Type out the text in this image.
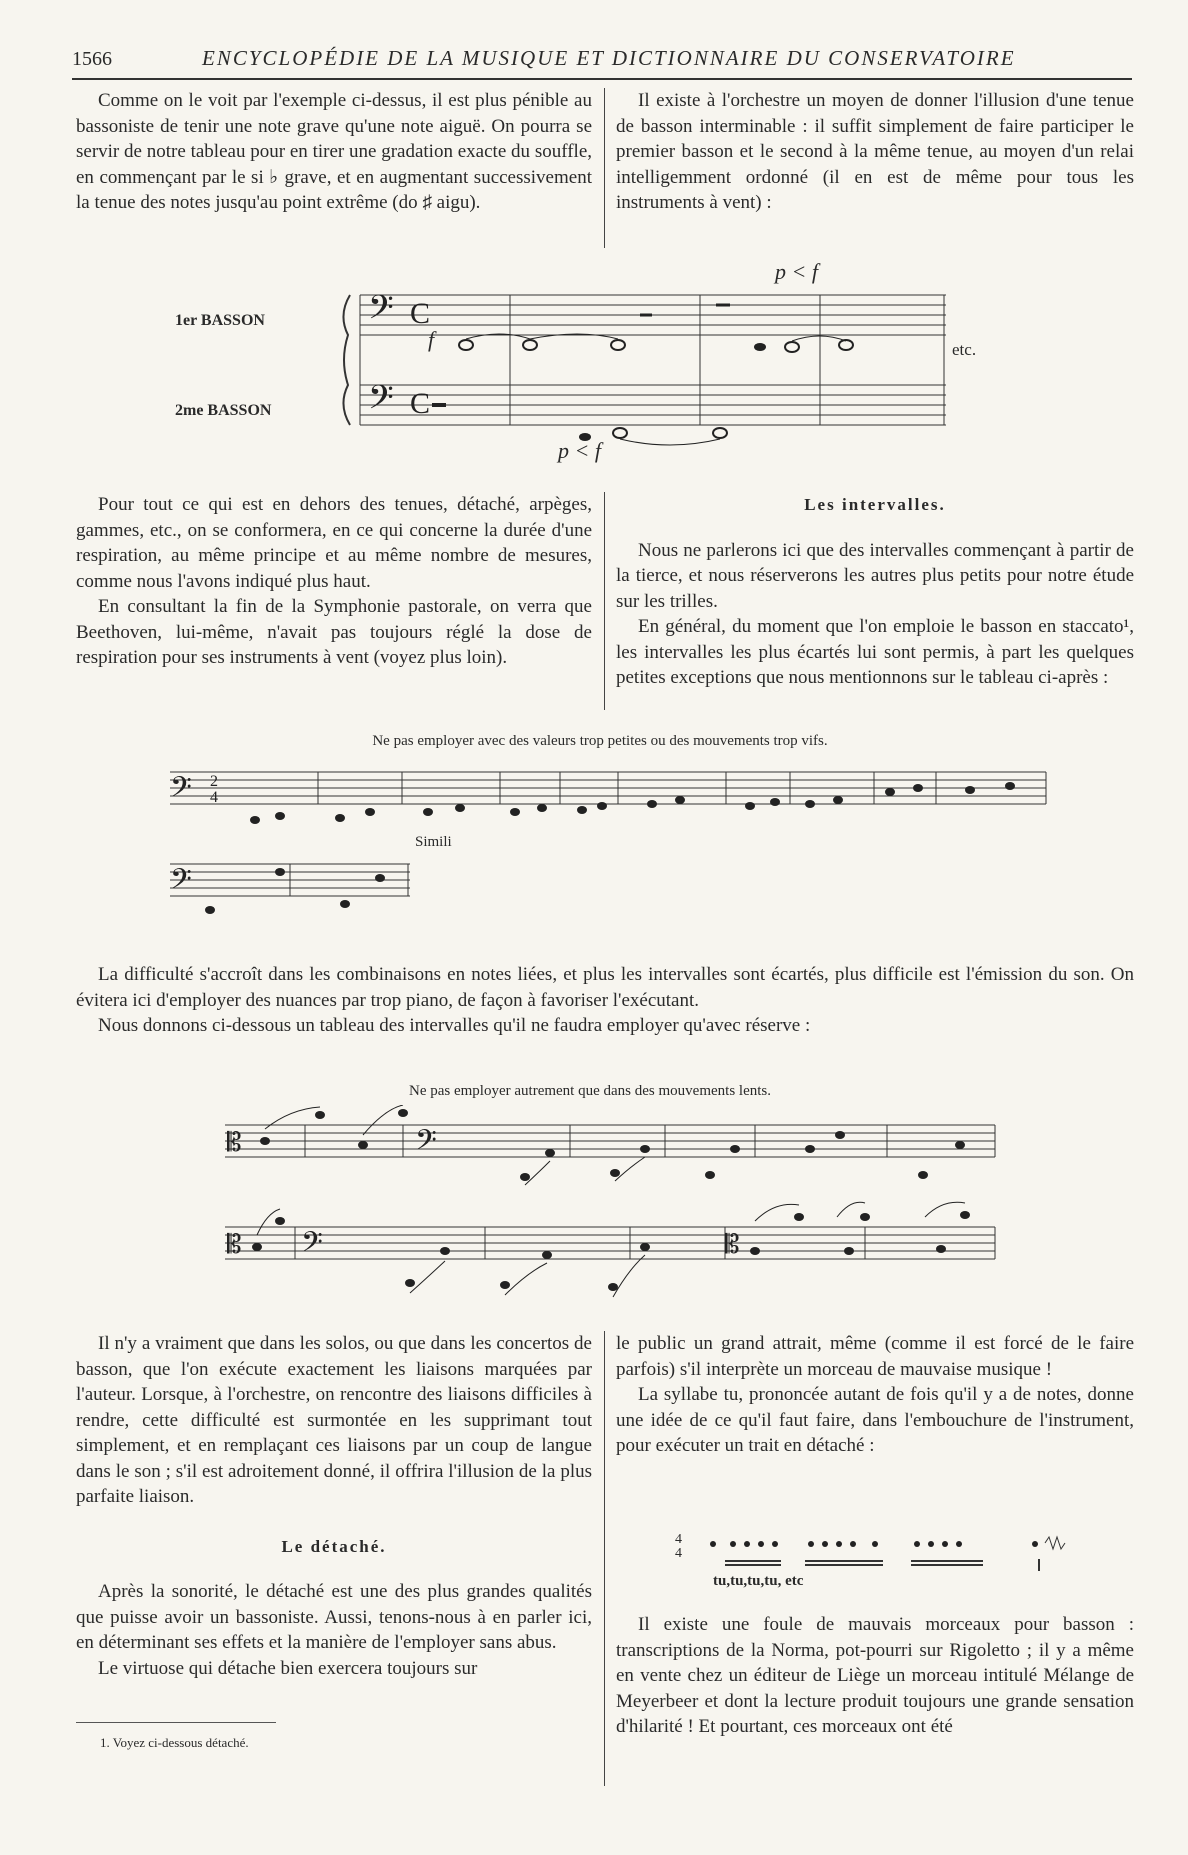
1566	ENCYCLOPÉDIE DE LA MUSIQUE ET DICTIONNAIRE DU CONSERVATOIRE

Comme on le voit par l'exemple ci-dessus, il est plus pénible au bassoniste de tenir une note grave qu'une note aiguë. On pourra se servir de notre tableau pour en tirer une gradation exacte du souffle, en commençant par le si ♭ grave, et en augmentant successivement la tenue des notes jusqu'au point extrême (do ♯ aigu).

Il existe à l'orchestre un moyen de donner l'illusion d'une tenue de basson interminable : il suffit simplement de faire participer le premier basson et le second à la même tenue, au moyen d'un relai intelligemment ordonné (il en est de même pour tous les instruments à vent) :

𝄢 C
𝄢 C
1er BASSON
2me BASSON
p < f
p < f
f	etc.

Pour tout ce qui est en dehors des tenues, détaché, arpèges, gammes, etc., on se conformera, en ce qui concerne la durée d'une respiration, au même principe et au même nombre de mesures, comme nous l'avons indiqué plus haut.

En consultant la fin de la Symphonie pastorale, on verra que Beethoven, lui-même, n'avait pas toujours réglé la dose de respiration pour ses instruments à vent (voyez plus loin).

Les intervalles.

Nous ne parlerons ici que des intervalles commençant à partir de la tierce, et nous réserverons les autres plus petits pour notre étude sur les trilles.

En général, du moment que l'on emploie le basson en staccato¹, les intervalles les plus écartés lui sont permis, à part les quelques petites exceptions que nous mentionnons sur le tableau ci-après :

Ne pas employer avec des valeurs trop petites ou des mouvements trop vifs.
𝄢 2
4
𝄢
Simili

La difficulté s'accroît dans les combinaisons en notes liées, et plus les intervalles sont écartés, plus difficile est l'émission du son. On évitera ici d'employer des nuances par trop piano, de façon à favoriser l'exécutant.

Nous donnons ci-dessous un tableau des intervalles qu'il ne faudra employer qu'avec réserve :

Ne pas employer autrement que dans des mouvements lents.
𝄡	𝄢
𝄡 𝄢	𝄡

Il n'y a vraiment que dans les solos, ou que dans les concertos de basson, que l'on exécute exactement les liaisons marquées par l'auteur. Lorsque, à l'orchestre, on rencontre des liaisons difficiles à rendre, cette difficulté est surmontée en les supprimant tout simplement, et en remplaçant ces liaisons par un coup de langue dans le son ; s'il est adroitement donné, il offrira l'illusion de la plus parfaite liaison.

Le détaché.

Après la sonorité, le détaché est une des plus grandes qualités que puisse avoir un bassoniste. Aussi, tenons-nous à en parler ici, en déterminant ses effets et la manière de l'employer sans abus.

Le virtuose qui détache bien exercera toujours sur

le public un grand attrait, même (comme il est forcé de le faire parfois) s'il interprète un morceau de mauvaise musique !

La syllabe tu, prononcée autant de fois qu'il y a de notes, donne une idée de ce qu'il faut faire, dans l'embouchure de l'instrument, pour exécuter un trait en détaché :

4 4
tu,tu,tu,tu, etc

Il existe une foule de mauvais morceaux pour basson : transcriptions de la Norma, pot-pourri sur Rigoletto ; il y a même en vente chez un éditeur de Liège un morceau intitulé Mélange de Meyerbeer et dont la lecture produit toujours une grande sensation d'hilarité ! Et pourtant, ces morceaux ont été

1. Voyez ci-dessous détaché.
